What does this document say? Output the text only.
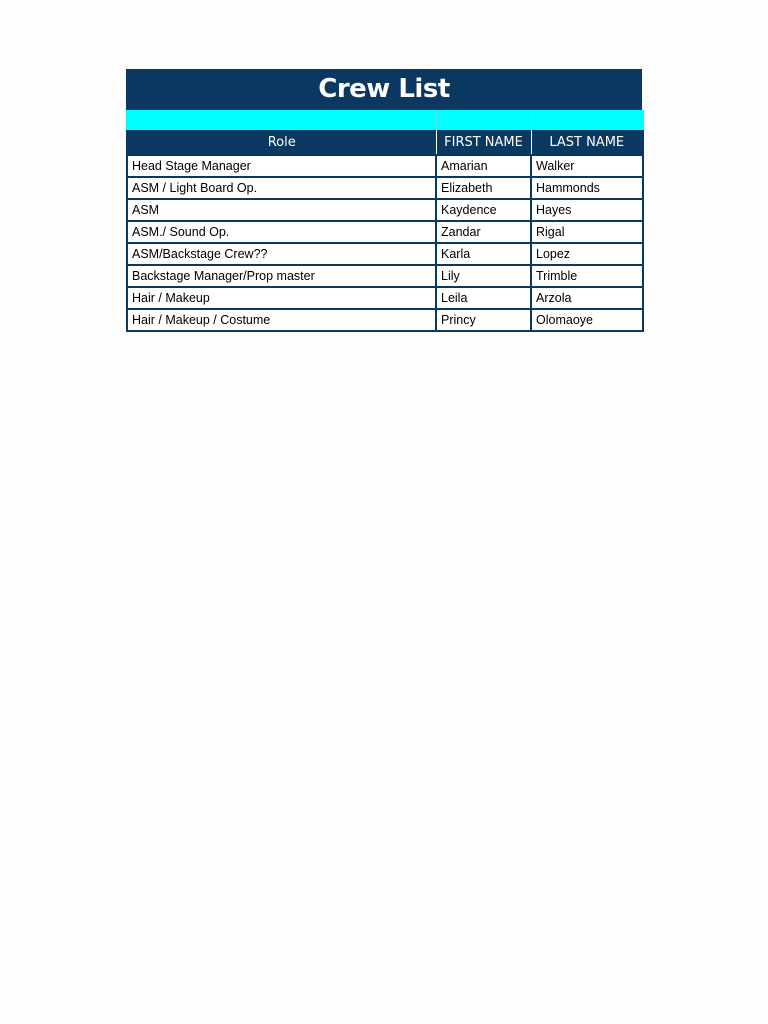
Crew List

Role	FIRST NAME	LAST NAME
Head Stage Manager	Amarian	Walker
ASM / Light Board Op.	Elizabeth	Hammonds
ASM	Kaydence	Hayes
ASM./ Sound Op.	Zandar	Rigal
ASM/Backstage Crew??	Karla	Lopez
Backstage Manager/Prop master	Lily	Trimble
Hair / Makeup	Leila	Arzola
Hair / Makeup / Costume	Princy	Olomaoye
